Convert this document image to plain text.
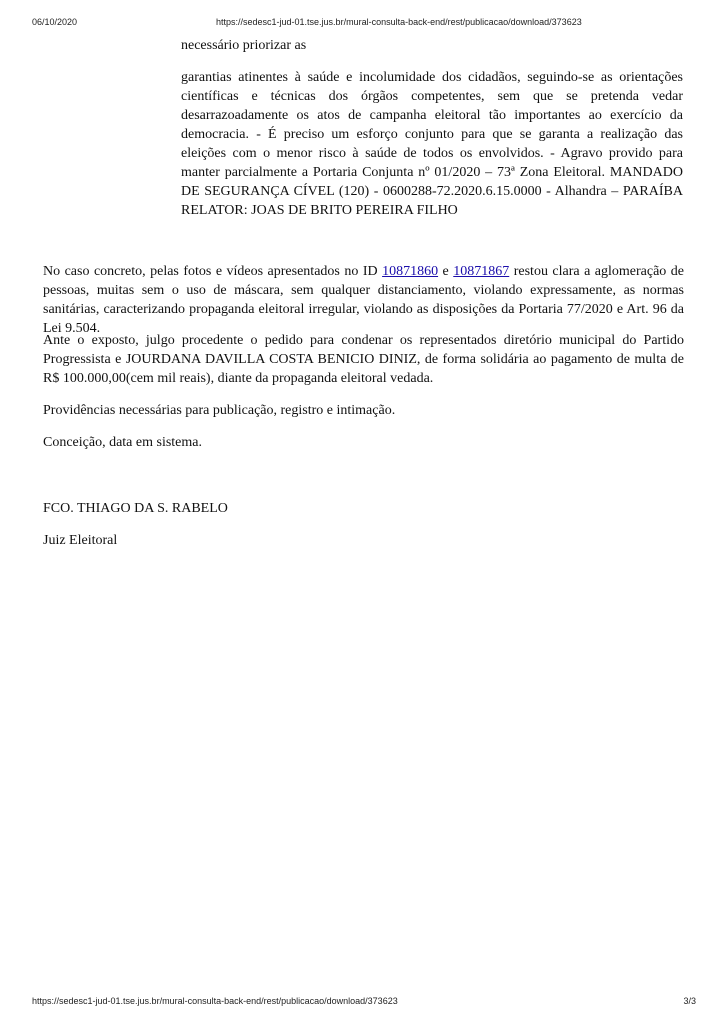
06/10/2020	https://sedesc1-jud-01.tse.jus.br/mural-consulta-back-end/rest/publicacao/download/373623
necessário priorizar as
garantias atinentes à saúde e incolumidade dos cidadãos, seguindo-se as orientações científicas e técnicas dos órgãos competentes, sem que se pretenda vedar desarrazoadamente os atos de campanha eleitoral tão importantes ao exercício da democracia. - É preciso um esforço conjunto para que se garanta a realização das eleições com o menor risco à saúde de todos os envolvidos. - Agravo provido para manter parcialmente a Portaria Conjunta nº 01/2020 – 73ª Zona Eleitoral. MANDADO DE SEGURANÇA CÍVEL (120) - 0600288-72.2020.6.15.0000 - Alhandra – PARAÍBA RELATOR: JOAS DE BRITO PEREIRA FILHO

No caso concreto, pelas fotos e vídeos apresentados no ID 10871860 e 10871867 restou clara a aglomeração de pessoas, muitas sem o uso de máscara, sem qualquer distanciamento, violando expressamente, as normas sanitárias, caracterizando propaganda eleitoral irregular, violando as disposições da Portaria 77/2020 e Art. 96 da Lei 9.504.

Ante o exposto, julgo procedente o pedido para condenar os representados diretório municipal do Partido Progressista e JOURDANA DAVILLA COSTA BENICIO DINIZ, de forma solidária ao pagamento de multa de R$ 100.000,00(cem mil reais), diante da propaganda eleitoral vedada.

Providências necessárias para publicação, registro e intimação.

Conceição, data em sistema.

FCO. THIAGO DA S. RABELO

Juiz Eleitoral

https://sedesc1-jud-01.tse.jus.br/mural-consulta-back-end/rest/publicacao/download/373623	3/3
